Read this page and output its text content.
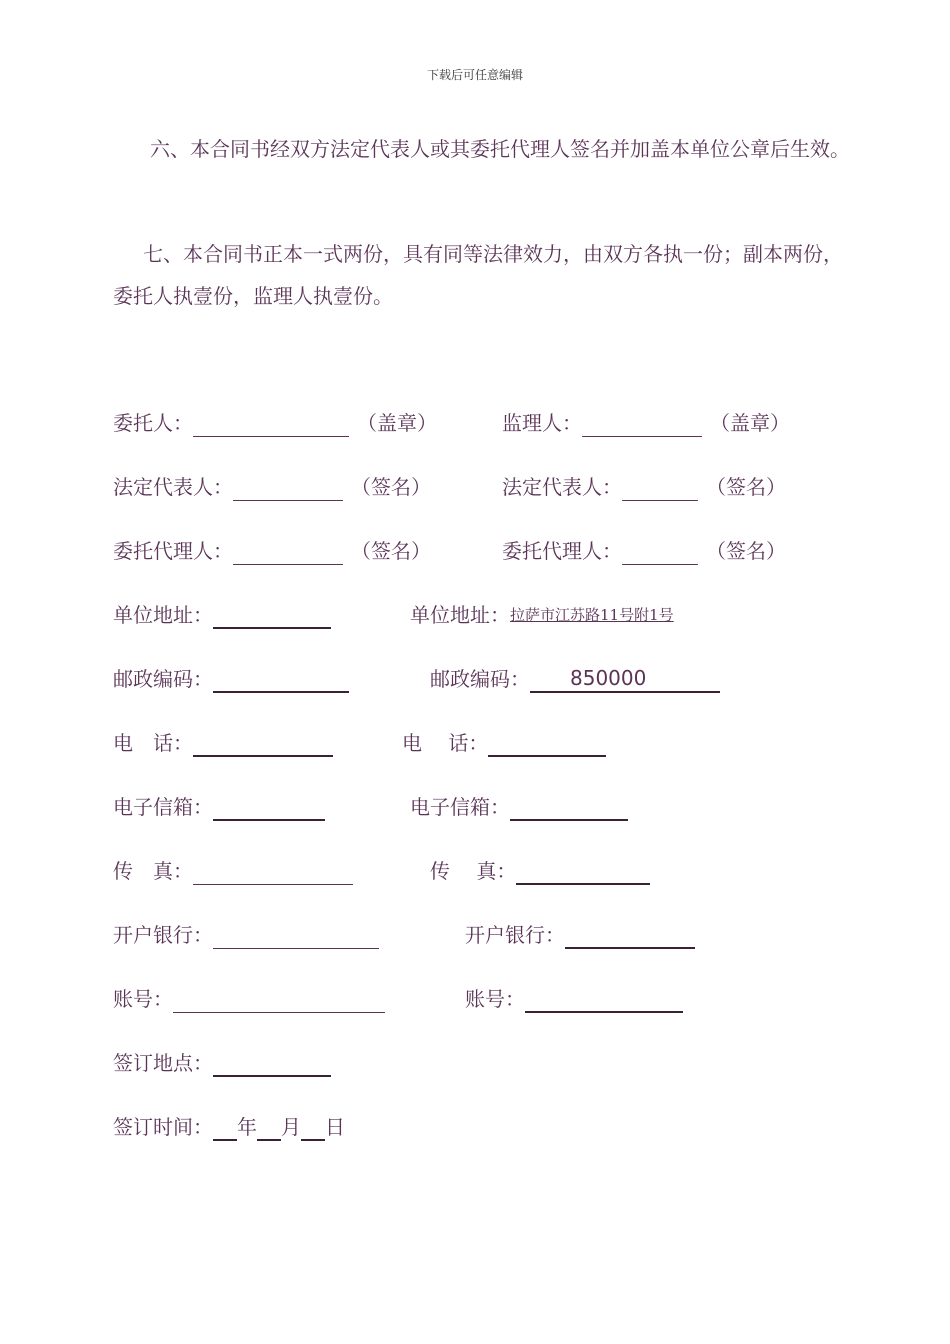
下载后可任意编辑

六、本合同书经双方法定代表人或其委托代理人签名并加盖本单位公章后生效。

七、本合同书正本一式两份，具有同等法律效力，由双方各执一份；副本两份，委托人执壹份，监理人执壹份。

委托人：	（盖章）	监理人：	（盖章）
法定代表人：	（签名）	法定代表人：	（签名）
委托代理人：	（签名）	委托代理人：	（签名）
单位地址：	单位地址： 拉萨市江苏路11号附1号
邮政编码：	邮政编码：	850000
电　话：	电　 话：
电子信箱：	电子信箱：
传　真：	传　 真：
开户银行：	开户银行：
账号：	账号：
签订地点：
签订时间： 年 月 日
